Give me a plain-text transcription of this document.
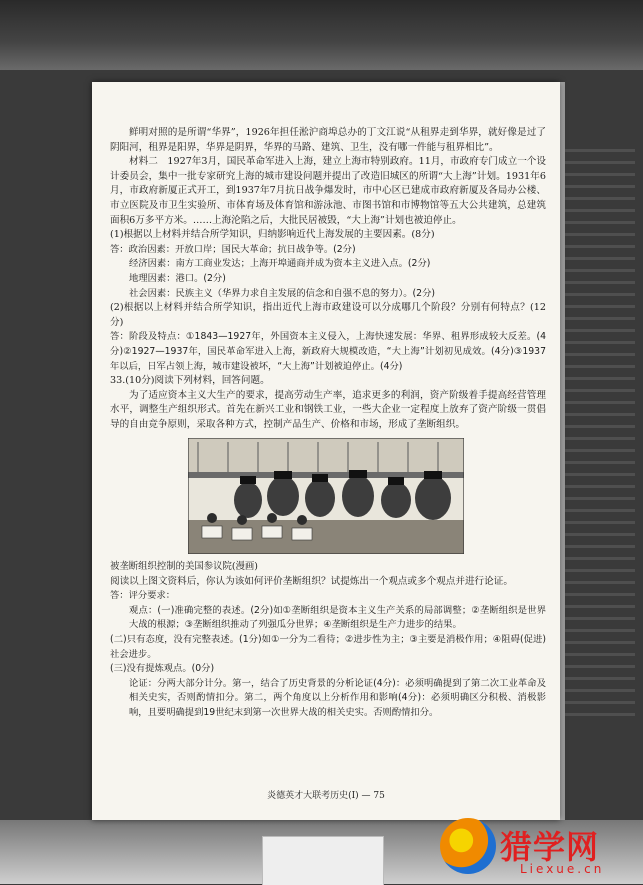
鲜明对照的是所谓“华界”，1926年担任淞沪商埠总办的丁文江说“从租界走到华界，就好像是过了阴阳河，租界是阳界，华界是阴界，华界的马路、建筑、卫生，没有哪一件能与租界相比”。

材料二　1927年3月，国民革命军进入上海，建立上海市特别政府。11月，市政府专门成立一个设计委员会，集中一批专家研究上海的城市建设问题并提出了改造旧城区的所谓“大上海”计划。1931年6月，市政府新厦正式开工，到1937年7月抗日战争爆发时，市中心区已建成市政府新厦及各局办公楼、市立医院及市卫生实验所、市体育场及体育馆和游泳池、市图书馆和市博物馆等五大公共建筑，总建筑面积6万多平方米。……上海沦陷之后，大批民居被毁，“大上海”计划也被迫停止。

(1)根据以上材料并结合所学知识，归纳影响近代上海发展的主要因素。(8分)

答：政治因素：开放口岸；国民大革命；抗日战争等。(2分)

经济因素：南方工商业发达；上海开埠通商并成为资本主义进入点。(2分)

地理因素：港口。(2分)

社会因素：民族主义（华界力求自主发展的信念和自强不息的努力）。(2分)

(2)根据以上材料并结合所学知识，指出近代上海市政建设可以分成哪几个阶段？分别有何特点？(12分)

答：阶段及特点：①1843—1927年，外国资本主义侵入，上海快速发展：华界、租界形成较大反差。(4分)②1927—1937年，国民革命军进入上海，新政府大规模改造，“大上海”计划初见成效。(4分)③1937年以后，日军占领上海，城市建设被坏，“大上海”计划被迫停止。(4分)

33.(10分)阅读下列材料，回答问题。

为了适应资本主义大生产的要求，提高劳动生产率，追求更多的利润，资产阶级着手提高经营管理水平，调整生产组织形式。首先在新兴工业和钢铁工业，一些大企业一定程度上放弃了资产阶级一贯倡导的自由竞争原则，采取各种方式，控制产品生产、价格和市场，形成了垄断组织。

被垄断组织控制的美国参议院(漫画)

阅读以上图文资料后，你认为该如何评价垄断组织？试提炼出一个观点或多个观点并进行论证。

答：评分要求：

观点：(一)准确完整的表述。(2分)如①垄断组织是资本主义生产关系的局部调整；②垄断组织是世界大战的根源；③垄断组织推动了列强瓜分世界；④垄断组织是生产力进步的结果。

(二)只有态度，没有完整表述。(1分)如①一分为二看待；②进步性为主；③主要是消极作用；④阻碍(促进)社会进步。

(三)没有提炼观点。(0分)

论证：分两大部分计分。第一，结合了历史背景的分析论证(4分)：必须明确提到了第二次工业革命及相关史实，否则酌情扣分。第二，两个角度以上分析作用和影响(4分)：必须明确区分积极、消极影响，且要明确提到19世纪末到第一次世界大战的相关史实。否则酌情扣分。

炎德英才大联考历史(I) — 75
猎学网
Liexue.cn
